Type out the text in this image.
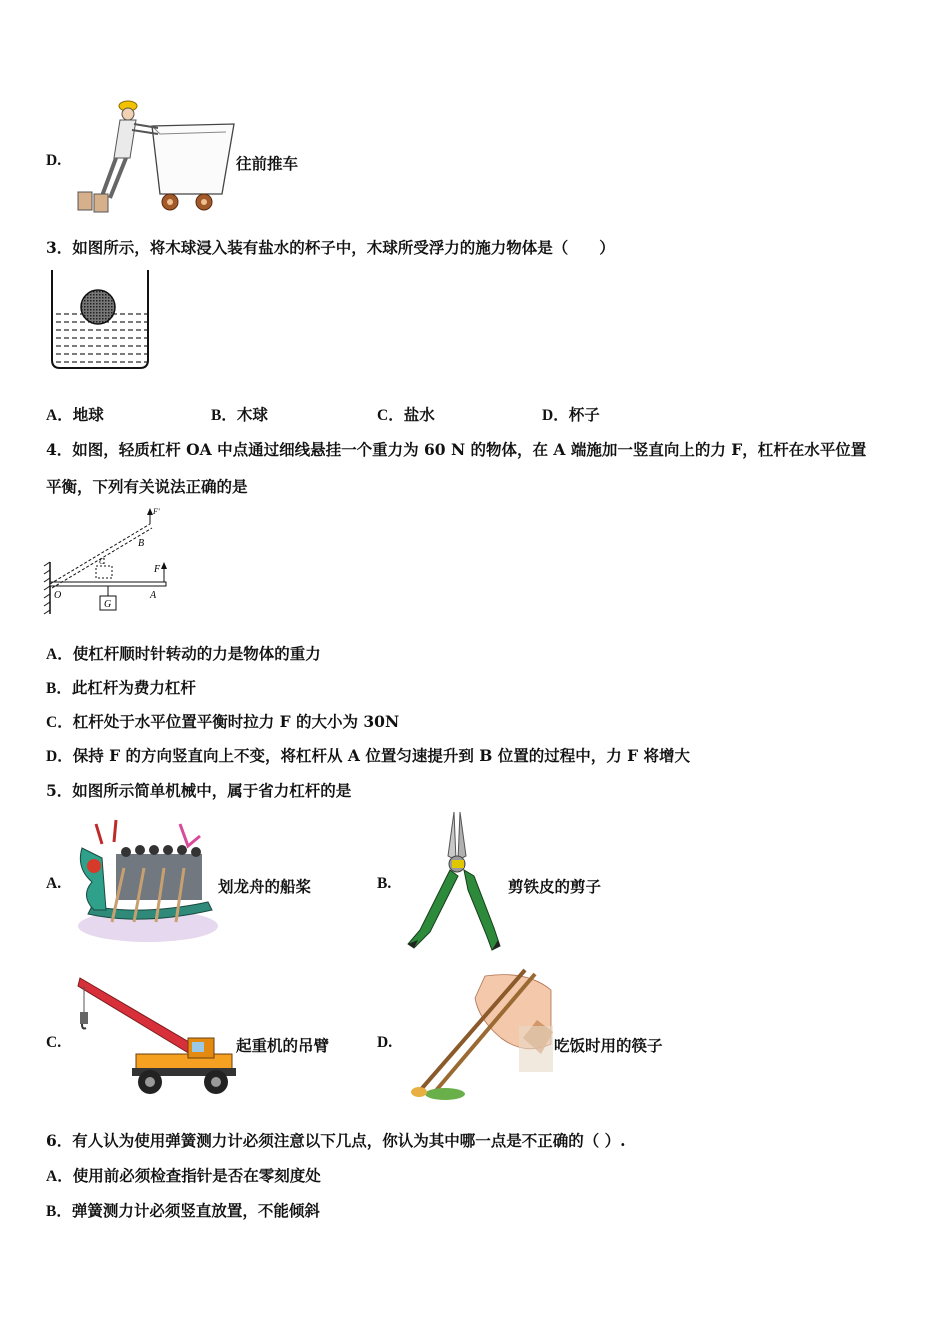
D.	往前推车
3．如图所示，将木球浸入装有盐水的杯子中，木球所受浮力的施力物体是（　　）
A．地球	B．木球	C．盐水	D．杯子
4．如图，轻质杠杆 OA 中点通过细线悬挂一个重力为 60 N 的物体，在 A 端施加一竖直向上的力 F，杠杆在水平位置
平衡，下列有关说法正确的是
G
C
F
F'
B
O	A
A．使杠杆顺时针转动的力是物体的重力
B．此杠杆为费力杠杆
C．杠杆处于水平位置平衡时拉力 F 的大小为 30N
D．保持 F 的方向竖直向上不变，将杠杆从 A 位置匀速提升到 B 位置的过程中，力 F 将增大
5．如图所示简单机械中，属于省力杠杆的是
A.	划龙舟的船桨	B.	剪铁皮的剪子
C.	起重机的吊臂	D.	吃饭时用的筷子
6．有人认为使用弹簧测力计必须注意以下几点，你认为其中哪一点是不正确的（ ）.
A．使用前必须检查指针是否在零刻度处
B．弹簧测力计必须竖直放置，不能倾斜
